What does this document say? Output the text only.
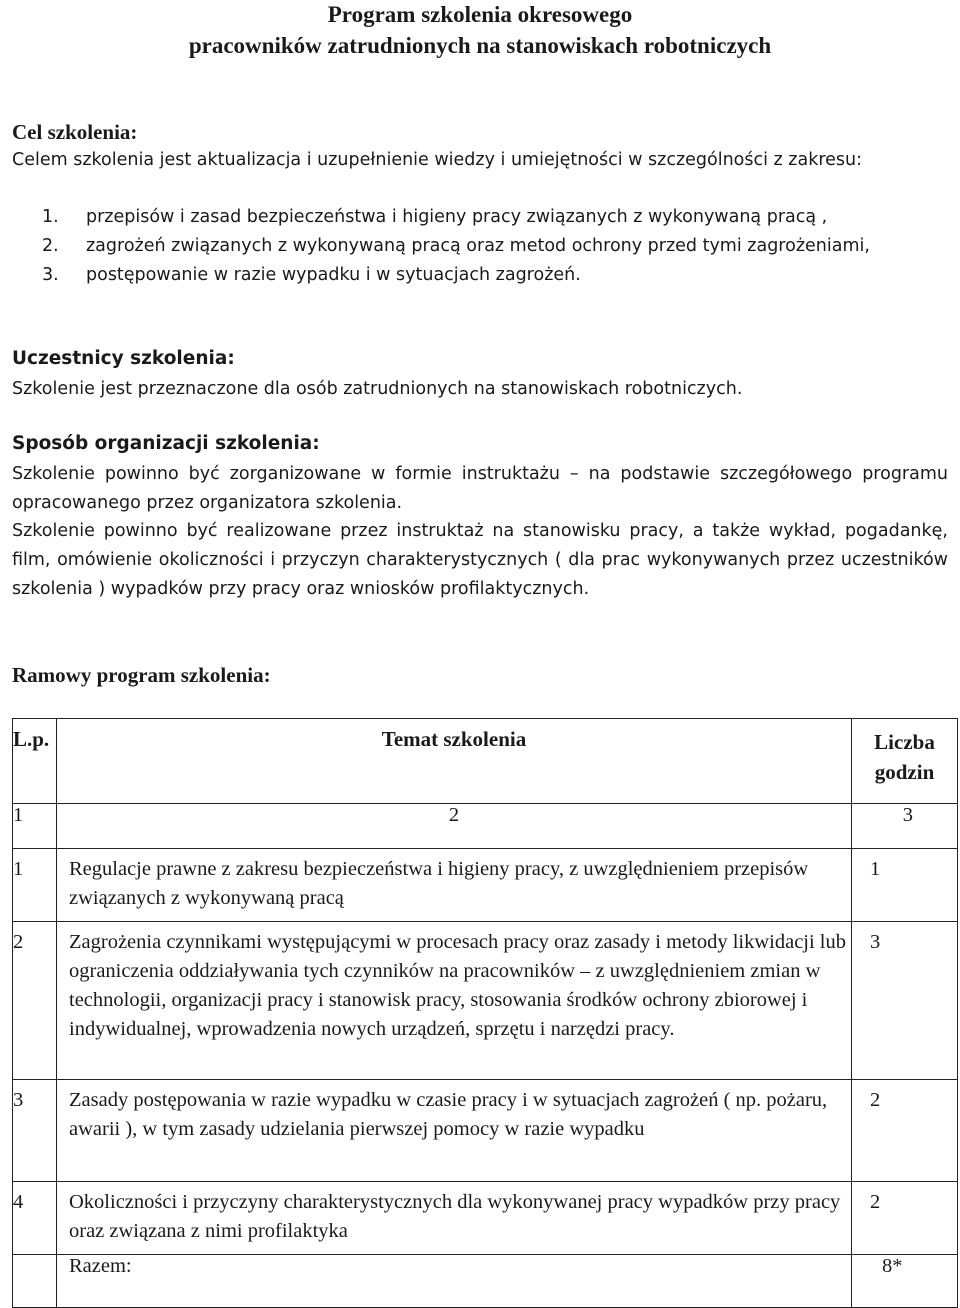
Program szkolenia okresowego
pracowników zatrudnionych na stanowiskach robotniczych
Cel szkolenia:
Celem szkolenia jest aktualizacja i uzupełnienie wiedzy i umiejętności w szczególności z zakresu:
1. przepisów i zasad bezpieczeństwa i higieny pracy związanych z wykonywaną pracą ,
2. zagrożeń związanych z wykonywaną pracą oraz metod ochrony przed tymi zagrożeniami,
3. postępowanie w razie wypadku i w sytuacjach zagrożeń.
Uczestnicy szkolenia:
Szkolenie jest przeznaczone dla osób zatrudnionych na stanowiskach robotniczych.
Sposób organizacji szkolenia:
Szkolenie powinno być zorganizowane w formie instruktażu – na podstawie szczegółowego programu opracowanego przez organizatora szkolenia.
Szkolenie powinno być realizowane przez instruktaż na stanowisku pracy, a także wykład, pogadankę, film, omówienie okoliczności i przyczyn charakterystycznych ( dla prac wykonywanych przez uczestników szkolenia ) wypadków przy pracy oraz wniosków profilaktycznych.
Ramowy program szkolenia:
L.p.	Temat szkolenia	Liczba
godzin

1	2	3
1	Regulacje prawne z zakresu bezpieczeństwa i higieny pracy, z uwzględnieniem przepisów związanych z wykonywaną pracą	1
2	Zagrożenia czynnikami występującymi w procesach pracy oraz zasady i metody likwidacji lub ograniczenia oddziaływania tych czynników na pracowników – z uwzględnieniem zmian w technologii, organizacji pracy i stanowisk pracy, stosowania środków ochrony zbiorowej i indywidualnej, wprowadzenia nowych urządzeń, sprzętu i narzędzi pracy.	3
3	Zasady postępowania w razie wypadku w czasie pracy i w sytuacjach zagrożeń ( np. pożaru, awarii ), w tym zasady udzielania pierwszej pomocy w razie wypadku	2
4	Okoliczności i przyczyny charakterystycznych dla wykonywanej pracy wypadków przy pracy oraz związana z nimi profilaktyka	2
	Razem:	8*
